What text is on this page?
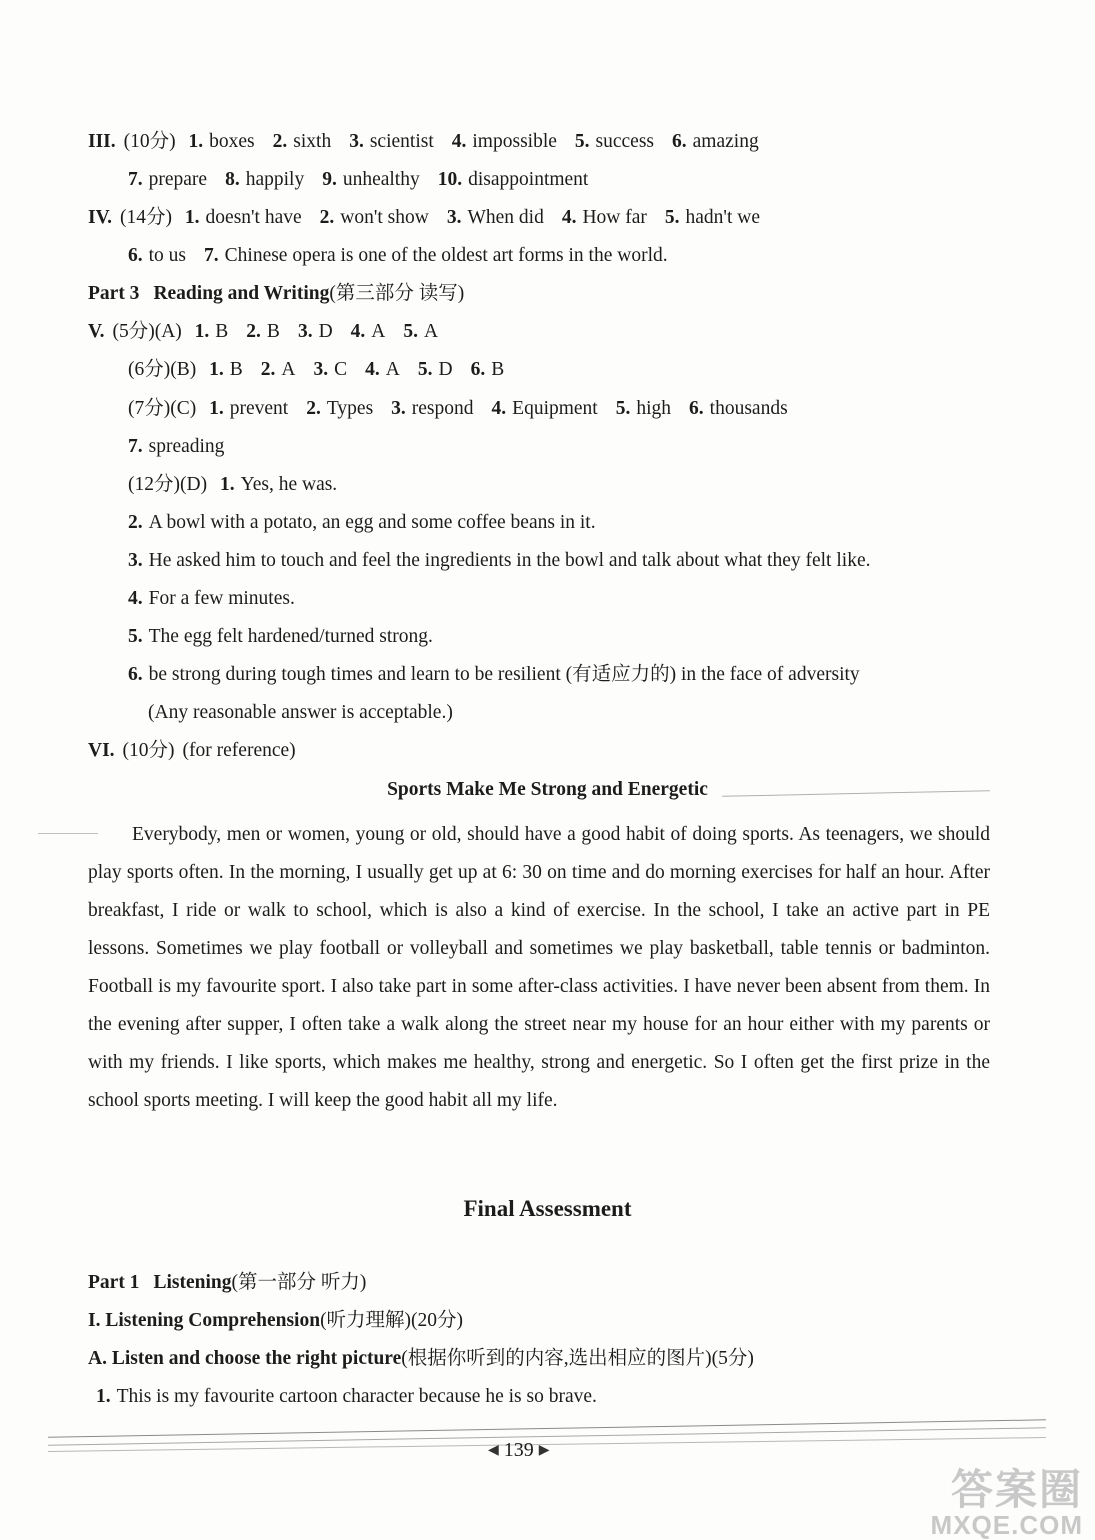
III. (10分) 1. boxes 2. sixth 3. scientist 4. impossible 5. success 6. amazing
7. prepare 8. happily 9. unhealthy 10. disappointment
IV. (14分) 1. doesn't have 2. won't show 3. When did 4. How far 5. hadn't we
6. to us 7. Chinese opera is one of the oldest art forms in the world.
Part 3 Reading and Writing(第三部分 读写)
V. (5分)(A) 1. B 2. B 3. D 4. A 5. A
(6分)(B) 1. B 2. A 3. C 4. A 5. D 6. B
(7分)(C) 1. prevent 2. Types 3. respond 4. Equipment 5. high 6. thousands
7. spreading
(12分)(D) 1. Yes, he was.
2. A bowl with a potato, an egg and some coffee beans in it.
3. He asked him to touch and feel the ingredients in the bowl and talk about what they felt like.
4. For a few minutes.
5. The egg felt hardened/turned strong.
6. be strong during tough times and learn to be resilient (有适应力的) in the face of adversity
(Any reasonable answer is acceptable.)
VI. (10分) (for reference)
Sports Make Me Strong and Energetic
Everybody, men or women, young or old, should have a good habit of doing sports. As teenagers, we should play sports often. In the morning, I usually get up at 6: 30 on time and do morning exercises for half an hour. After breakfast, I ride or walk to school, which is also a kind of exercise. In the school, I take an active part in PE lessons. Sometimes we play football or volleyball and sometimes we play basketball, table tennis or badminton. Football is my favourite sport. I also take part in some after-class activities. I have never been absent from them. In the evening after supper, I often take a walk along the street near my house for an hour either with my parents or with my friends. I like sports, which makes me healthy, strong and energetic. So I often get the first prize in the school sports meeting. I will keep the good habit all my life.
Final Assessment
Part 1 Listening(第一部分 听力)
I. Listening Comprehension(听力理解)(20分)
A. Listen and choose the right picture(根据你听到的内容,选出相应的图片)(5分)
1. This is my favourite cartoon character because he is so brave.
◀ 139 ▶
答案圈
MXQE.COM
